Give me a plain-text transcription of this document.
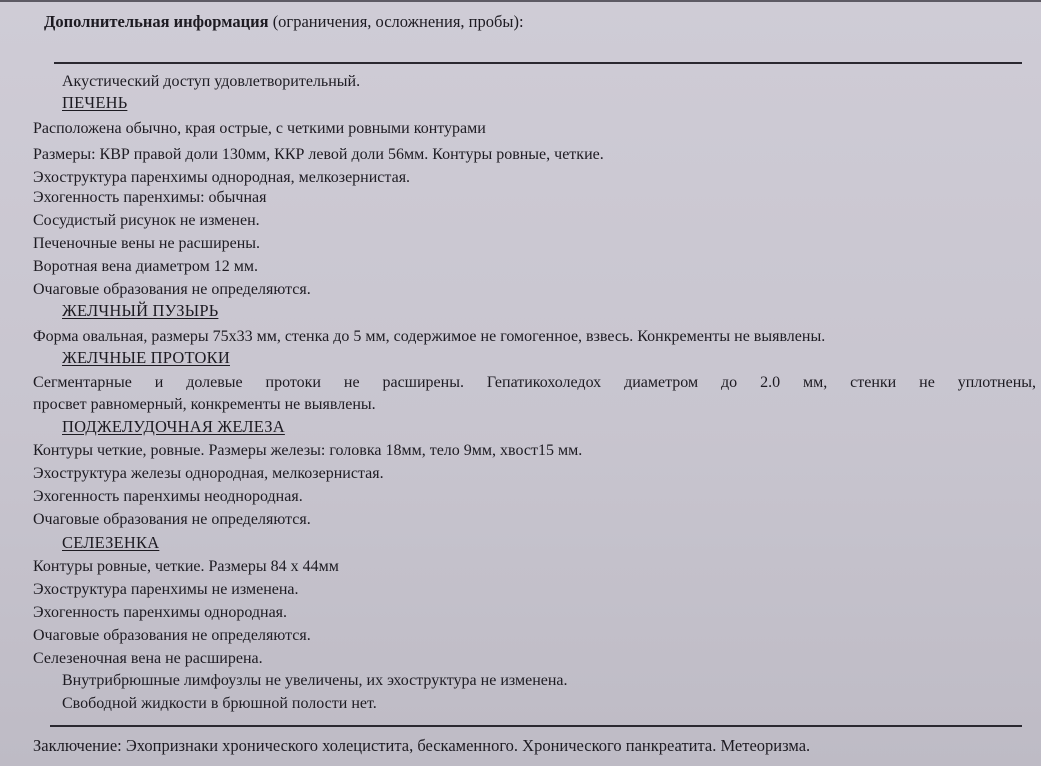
Дополнительная информация (ограничения, осложнения, пробы):
Акустический доступ удовлетворительный.
ПЕЧЕНЬ
Расположена обычно, края острые, с четкими ровными контурами
Размеры: КВР правой доли 130мм, ККР левой доли 56мм. Контуры ровные, четкие.
Эхоструктура паренхимы однородная, мелкозернистая.
Эхогенность паренхимы: обычная
Сосудистый рисунок не изменен.
Печеночные вены не расширены.
Воротная вена диаметром 12 мм.
Очаговые образования не определяются.
ЖЕЛЧНЫЙ ПУЗЫРЬ
Форма овальная, размеры 75х33 мм, стенка до 5 мм, содержимое не гомогенное, взвесь. Конкременты не выявлены.
ЖЕЛЧНЫЕ ПРОТОКИ
Сегментарные и долевые протоки не расширены. Гепатикохоледох диаметром до 2.0 мм, стенки не уплотнены,
просвет равномерный, конкременты не выявлены.
ПОДЖЕЛУДОЧНАЯ ЖЕЛЕЗА
Контуры четкие, ровные. Размеры железы: головка 18мм, тело 9мм, хвост15 мм.
Эхоструктура железы однородная, мелкозернистая.
Эхогенность паренхимы неоднородная.
Очаговые образования не определяются.
СЕЛЕЗЕНКА
Контуры ровные, четкие. Размеры 84 х 44мм
Эхоструктура паренхимы не изменена.
Эхогенность паренхимы однородная.
Очаговые образования не определяются.
Селезеночная вена не расширена.
Внутрибрюшные лимфоузлы не увеличены, их эхоструктура не изменена.
Свободной жидкости в брюшной полости нет.
Заключение: Эхопризнаки хронического холецистита, бескаменного. Хронического панкреатита. Метеоризма.
